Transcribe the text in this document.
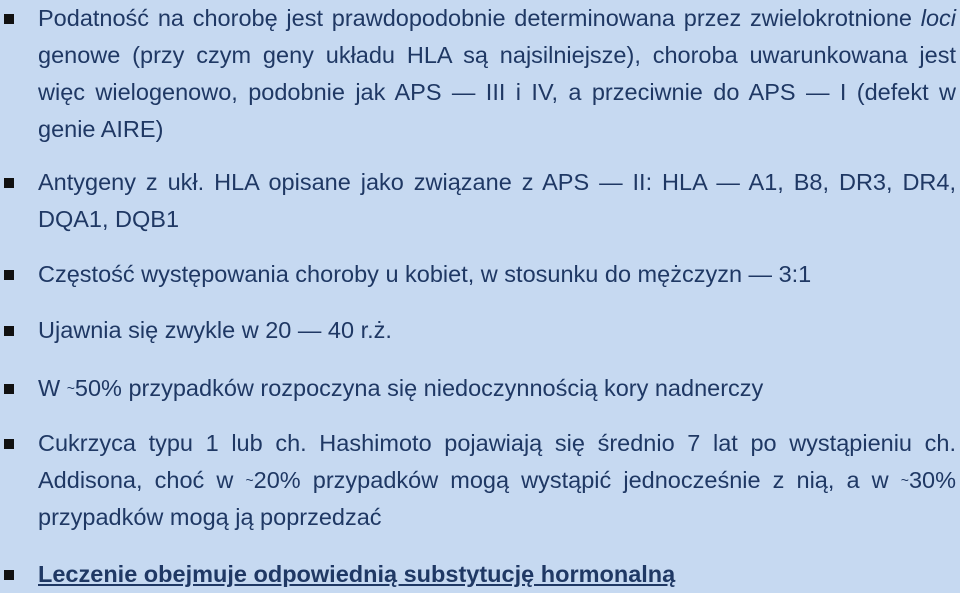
Podatność na chorobę jest prawdopodobnie determinowana przez zwielokrotnione loci genowe (przy czym geny układu HLA są najsilniejsze), choroba uwarunkowana jest więc wielogenowo, podobnie jak APS — III i IV, a przeciwnie do APS — I (defekt w genie AIRE)
Antygeny z ukł. HLA opisane jako związane z APS — II: HLA — A1, B8, DR3, DR4, DQA1, DQB1
Częstość występowania choroby u kobiet, w stosunku do mężczyzn — 3:1
Ujawnia się zwykle w 20 — 40 r.ż.
W ~50% przypadków rozpoczyna się niedoczynnością kory nadnerczy
Cukrzyca typu 1 lub ch. Hashimoto pojawiają się średnio 7 lat po wystąpieniu ch. Addisona, choć w ~20% przypadków mogą wystąpić jednocześnie z nią, a w ~30% przypadków mogą ją poprzedzać
Leczenie obejmuje odpowiednią substytucję hormonalną
